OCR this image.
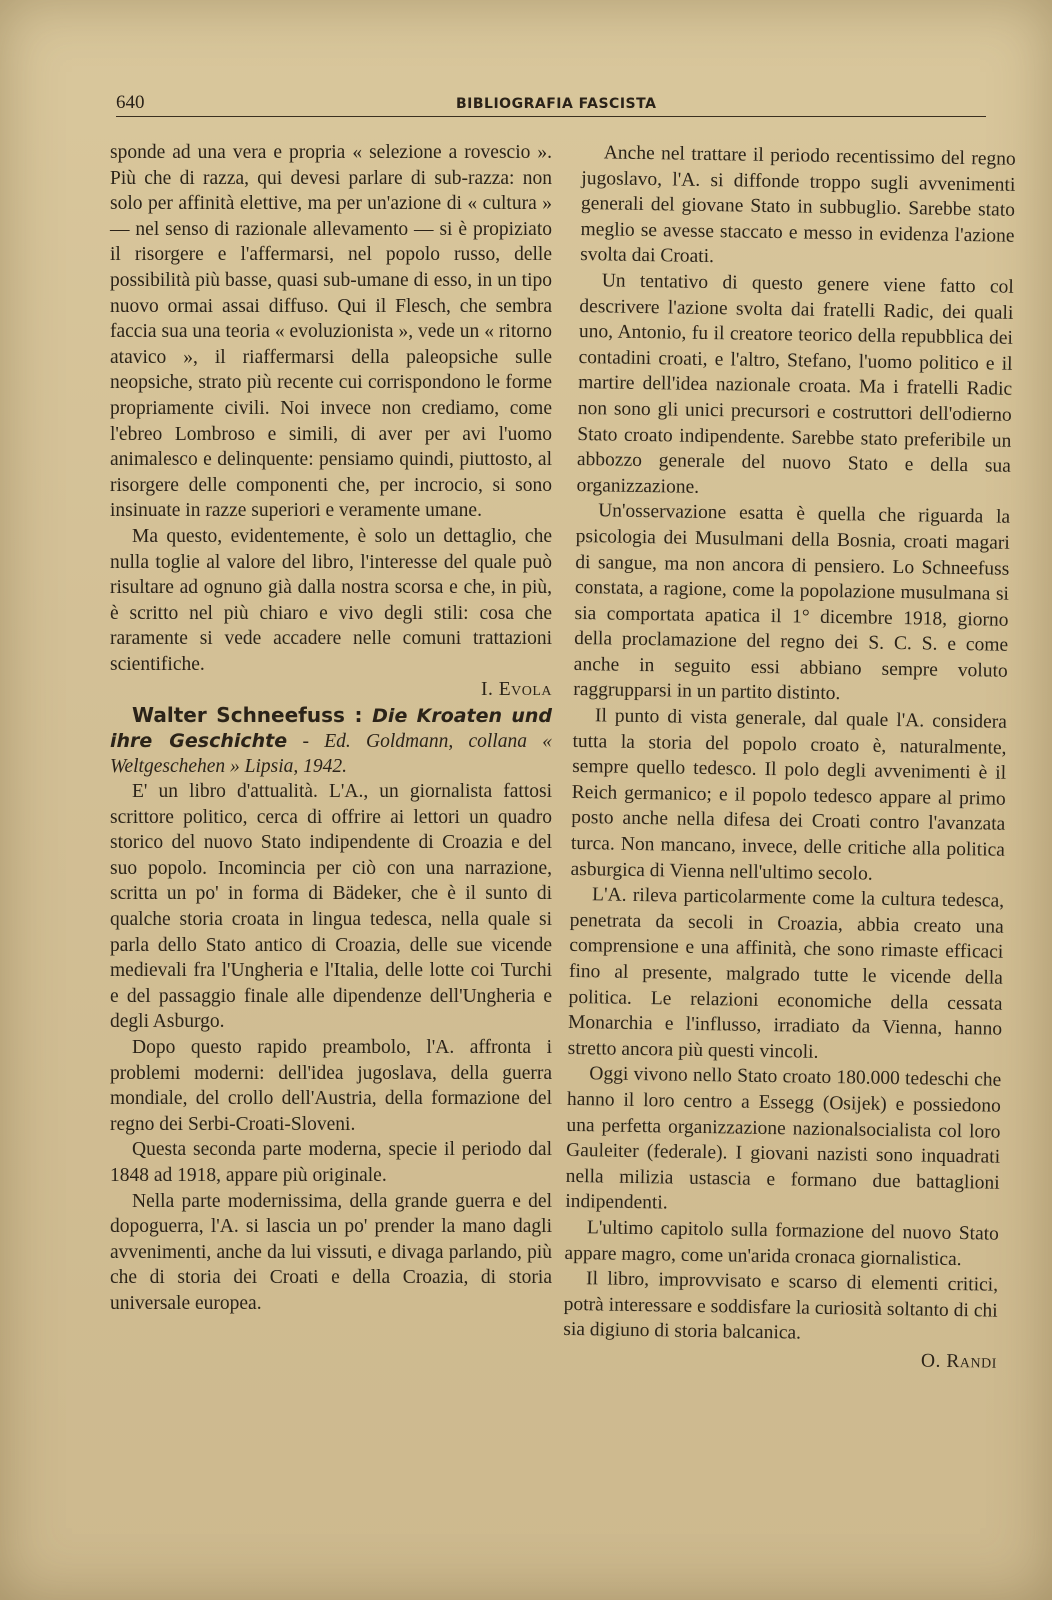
640	BIBLIOGRAFIA FASCISTA

sponde ad una vera e propria « selezione a rovescio ». Più che di razza, qui devesi parlare di sub-razza: non solo per affinità elettive, ma per un'azione di « cultura » — nel senso di razionale allevamento — si è propiziato il risorgere e l'affermarsi, nel popolo russo, delle possibilità più basse, quasi sub-umane di esso, in un tipo nuovo ormai assai diffuso. Qui il Flesch, che sembra faccia sua una teoria « evoluzionista », vede un « ritorno atavico », il riaffermarsi della paleopsiche sulle neopsiche, strato più recente cui corrispondono le forme propriamente civili. Noi invece non crediamo, come l'ebreo Lombroso e simili, di aver per avi l'uomo animalesco e delinquente: pensiamo quindi, piuttosto, al risorgere delle componenti che, per incrocio, si sono insinuate in razze superiori e veramente umane.

Ma questo, evidentemente, è solo un dettaglio, che nulla toglie al valore del libro, l'interesse del quale può risultare ad ognuno già dalla nostra scorsa e che, in più, è scritto nel più chiaro e vivo degli stili: cosa che raramente si vede accadere nelle comuni trattazioni scientifiche.

I. Evola

Walter Schneefuss : Die Kroaten und ihre Geschichte - Ed. Goldmann, collana « Weltgeschehen » Lipsia, 1942.

E' un libro d'attualità. L'A., un giornalista fattosi scrittore politico, cerca di offrire ai lettori un quadro storico del nuovo Stato indipendente di Croazia e del suo popolo. Incomincia per ciò con una narrazione, scritta un po' in forma di Bädeker, che è il sunto di qualche storia croata in lingua tedesca, nella quale si parla dello Stato antico di Croazia, delle sue vicende medievali fra l'Ungheria e l'Italia, delle lotte coi Turchi e del passaggio finale alle dipendenze dell'Ungheria e degli Asburgo.

Dopo questo rapido preambolo, l'A. affronta i problemi moderni: dell'idea jugoslava, della guerra mondiale, del crollo dell'Austria, della formazione del regno dei Serbi-Croati-Sloveni.

Questa seconda parte moderna, specie il periodo dal 1848 ad 1918, appare più originale.

Nella parte modernissima, della grande guerra e del dopoguerra, l'A. si lascia un po' prender la mano dagli avvenimenti, anche da lui vissuti, e divaga parlando, più che di storia dei Croati e della Croazia, di storia universale europea.

Anche nel trattare il periodo recentissimo del regno jugoslavo, l'A. si diffonde troppo sugli avvenimenti generali del giovane Stato in subbuglio. Sarebbe stato meglio se avesse staccato e messo in evidenza l'azione svolta dai Croati.

Un tentativo di questo genere viene fatto col descrivere l'azione svolta dai fratelli Radic, dei quali uno, Antonio, fu il creatore teorico della repubblica dei contadini croati, e l'altro, Stefano, l'uomo politico e il martire dell'idea nazionale croata. Ma i fratelli Radic non sono gli unici precursori e costruttori dell'odierno Stato croato indipendente. Sarebbe stato preferibile un abbozzo generale del nuovo Stato e della sua organizzazione.

Un'osservazione esatta è quella che riguarda la psicologia dei Musulmani della Bosnia, croati magari di sangue, ma non ancora di pensiero. Lo Schneefuss constata, a ragione, come la popolazione musulmana si sia comportata apatica il 1° dicembre 1918, giorno della proclamazione del regno dei S. C. S. e come anche in seguito essi abbiano sempre voluto raggrupparsi in un partito distinto.

Il punto di vista generale, dal quale l'A. considera tutta la storia del popolo croato è, naturalmente, sempre quello tedesco. Il polo degli avvenimenti è il Reich germanico; e il popolo tedesco appare al primo posto anche nella difesa dei Croati contro l'avanzata turca. Non mancano, invece, delle critiche alla politica asburgica di Vienna nell'ultimo secolo.

L'A. rileva particolarmente come la cultura tedesca, penetrata da secoli in Croazia, abbia creato una comprensione e una affinità, che sono rimaste efficaci fino al presente, malgrado tutte le vicende della politica. Le relazioni economiche della cessata Monarchia e l'influsso, irradiato da Vienna, hanno stretto ancora più questi vincoli.

Oggi vivono nello Stato croato 180.000 tedeschi che hanno il loro centro a Essegg (Osijek) e possiedono una perfetta organizzazione nazionalsocialista col loro Gauleiter (federale). I giovani nazisti sono inquadrati nella milizia ustascia e formano due battaglioni indipendenti.

L'ultimo capitolo sulla formazione del nuovo Stato appare magro, come un'arida cronaca giornalistica.

Il libro, improvvisato e scarso di elementi critici, potrà interessare e soddisfare la curiosità soltanto di chi sia digiuno di storia balcanica.

O. Randi
